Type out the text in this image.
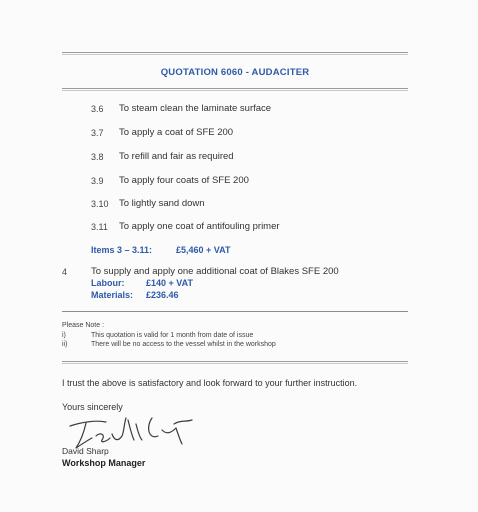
QUOTATION 6060 - AUDACITER
3.6 To steam clean the laminate surface
3.7 To apply a coat of SFE 200
3.8 To refill and fair as required
3.9 To apply four coats of SFE 200
3.10 To lightly sand down
3.11 To apply one coat of antifouling primer
Items 3 – 3.11:	£5,460 + VAT
4	To supply and apply one additional coat of Blakes SFE 200
Labour: £140 + VAT
Materials: £236.46
Please Note :
i)	This quotation is valid for 1 month from date of issue
ii)	There will be no access to the vessel whilst in the workshop
I trust the above is satisfactory and look forward to your further instruction.
Yours sincerely
David Sharp
Workshop Manager
